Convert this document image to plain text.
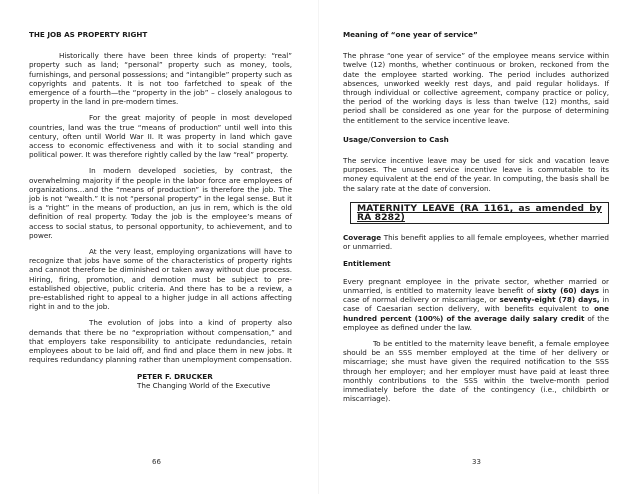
THE JOB AS PROPERTY RIGHT

Historically there have been three kinds of property: “real” property such as land; “personal” property such as money, tools, furnishings, and personal possessions; and “intangible” property such as copyrights and patents. It is not too farfetched to speak of the emergence of a fourth—the “property in the job” – closely analogous to property in the land in pre-modern times.

For the great majority of people in most developed countries, land was the true “means of production” until well into this century, often until World War II. It was property in land which gave access to economic effectiveness and with it to social standing and political power. It was therefore rightly called by the law “real” property.

In modern developed societies, by contrast, the overwhelming majority if the people in the labor force are employees of organizations…and the “means of production” is therefore the job. The job is not “wealth.” It is not “personal property” in the legal sense. But it is a “right” in the means of production, an jus in rem, which is the old definition of real property. Today the job is the employee’s means of access to social status, to personal opportunity, to achievement, and to power.

At the very least, employing organizations will have to recognize that jobs have some of the characteristics of property rights and cannot therefore be diminished or taken away without due process. Hiring, firing, promotion, and demotion must be subject to pre-established objective, public criteria. And there has to be a review, a pre-established right to appeal to a higher judge in all actions affecting right in and to the job.

The evolution of jobs into a kind of property also demands that there be no “expropriation without compensation,” and that employers take responsibility to anticipate redundancies, retain employees about to be laid off, and find and place them in new jobs. It requires redundancy planning rather than unemployment compensation.

PETER F. DRUCKER
The Changing World of the Executive
66
Meaning of “one year of service”

The phrase “one year of service” of the employee means service within twelve (12) months, whether continuous or broken, reckoned from the date the employee started working. The period includes authorized absences, unworked weekly rest days, and paid regular holidays. If through individual or collective agreement, company practice or policy, the period of the working days is less than twelve (12) months, said period shall be considered as one year for the purpose of determining the entitlement to the service incentive leave.

Usage/Conversion to Cash

The service incentive leave may be used for sick and vacation leave purposes. The unused service incentive leave is commutable to its money equivalent at the end of the year. In computing, the basis shall be the salary rate at the date of conversion.

MATERNITY LEAVE (RA 1161, as amended by RA 8282)

Coverage This benefit applies to all female employees, whether married or unmarried.

Entitlement

Every pregnant employee in the private sector, whether married or unmarried, is entitled to maternity leave benefit of sixty (60) days in case of normal delivery or miscarriage, or seventy-eight (78) days, in case of Caesarian section delivery, with benefits equivalent to one hundred percent (100%) of the average daily salary credit of the employee as defined under the law.

To be entitled to the maternity leave benefit, a female employee should be an SSS member employed at the time of her delivery or miscarriage; she must have given the required notification to the SSS through her employer; and her employer must have paid at least three monthly contributions to the SSS within the twelve-month period immediately before the date of the contingency (i.e., childbirth or miscarriage).

33
